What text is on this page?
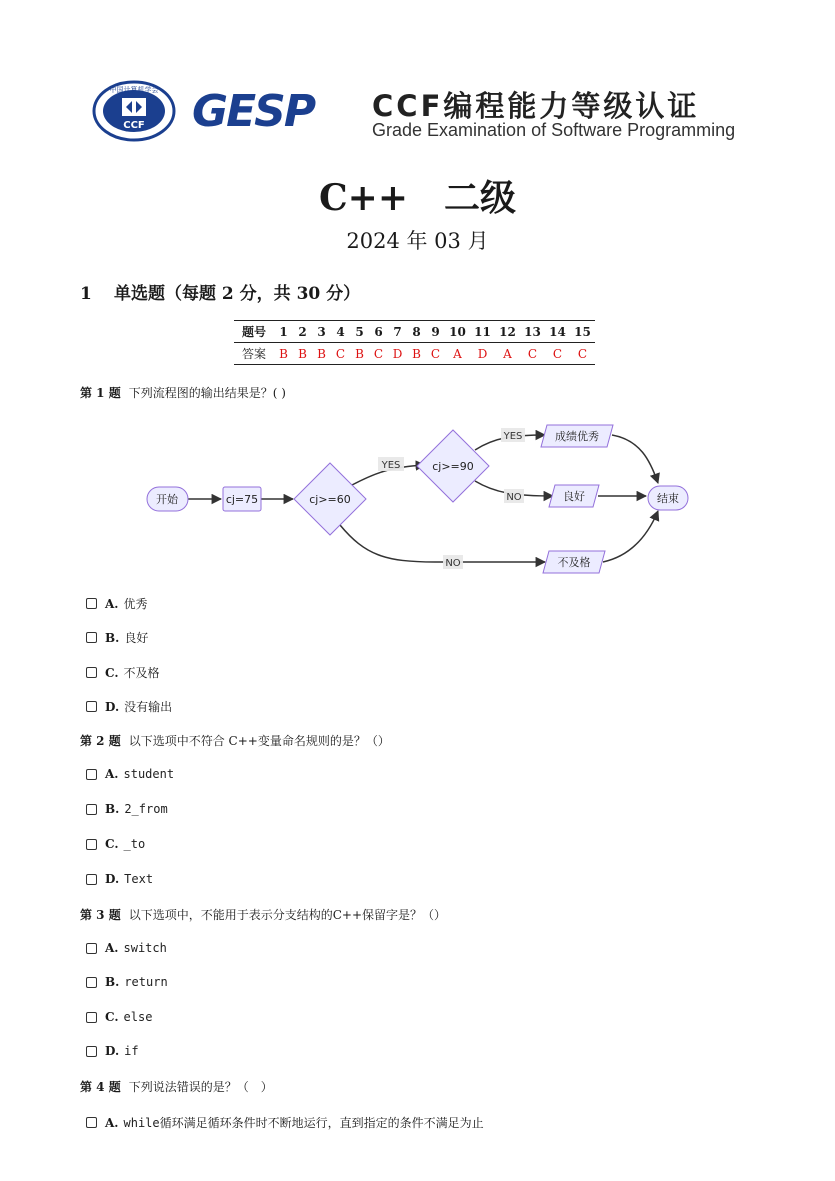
中国计算机学会
CCF GESP CCF编程能力等级认证
Grade Examination of Software Programming
C++　二级
2024 年 03 月
1 单选题（每题 2 分，共 30 分）
题号	1	2	3	4	5	6	7	8	9	10	11	12	13	14	15
答案	B	B	B	C	B	C	D	B	C	A	D	A	C	C	C
第 1 题 下列流程图的输出结果是？( )
YES
YES
NO
NO
开始	cj=75	cj>=60
cj>=90
成绩优秀
良好
不及格
结束
A. 优秀
B. 良好
C. 不及格
D. 没有输出
第 2 题 以下选项中不符合 C++变量命名规则的是？（）
A. student
B. 2_from
C. _to
D. Text
第 3 题 以下选项中，不能用于表示分支结构的C++保留字是？（）
A. switch
B. return
C. else
D. if
第 4 题 下列说法错误的是？（　）
A. while 循环满足循环条件时不断地运行，直到指定的条件不满足为止
